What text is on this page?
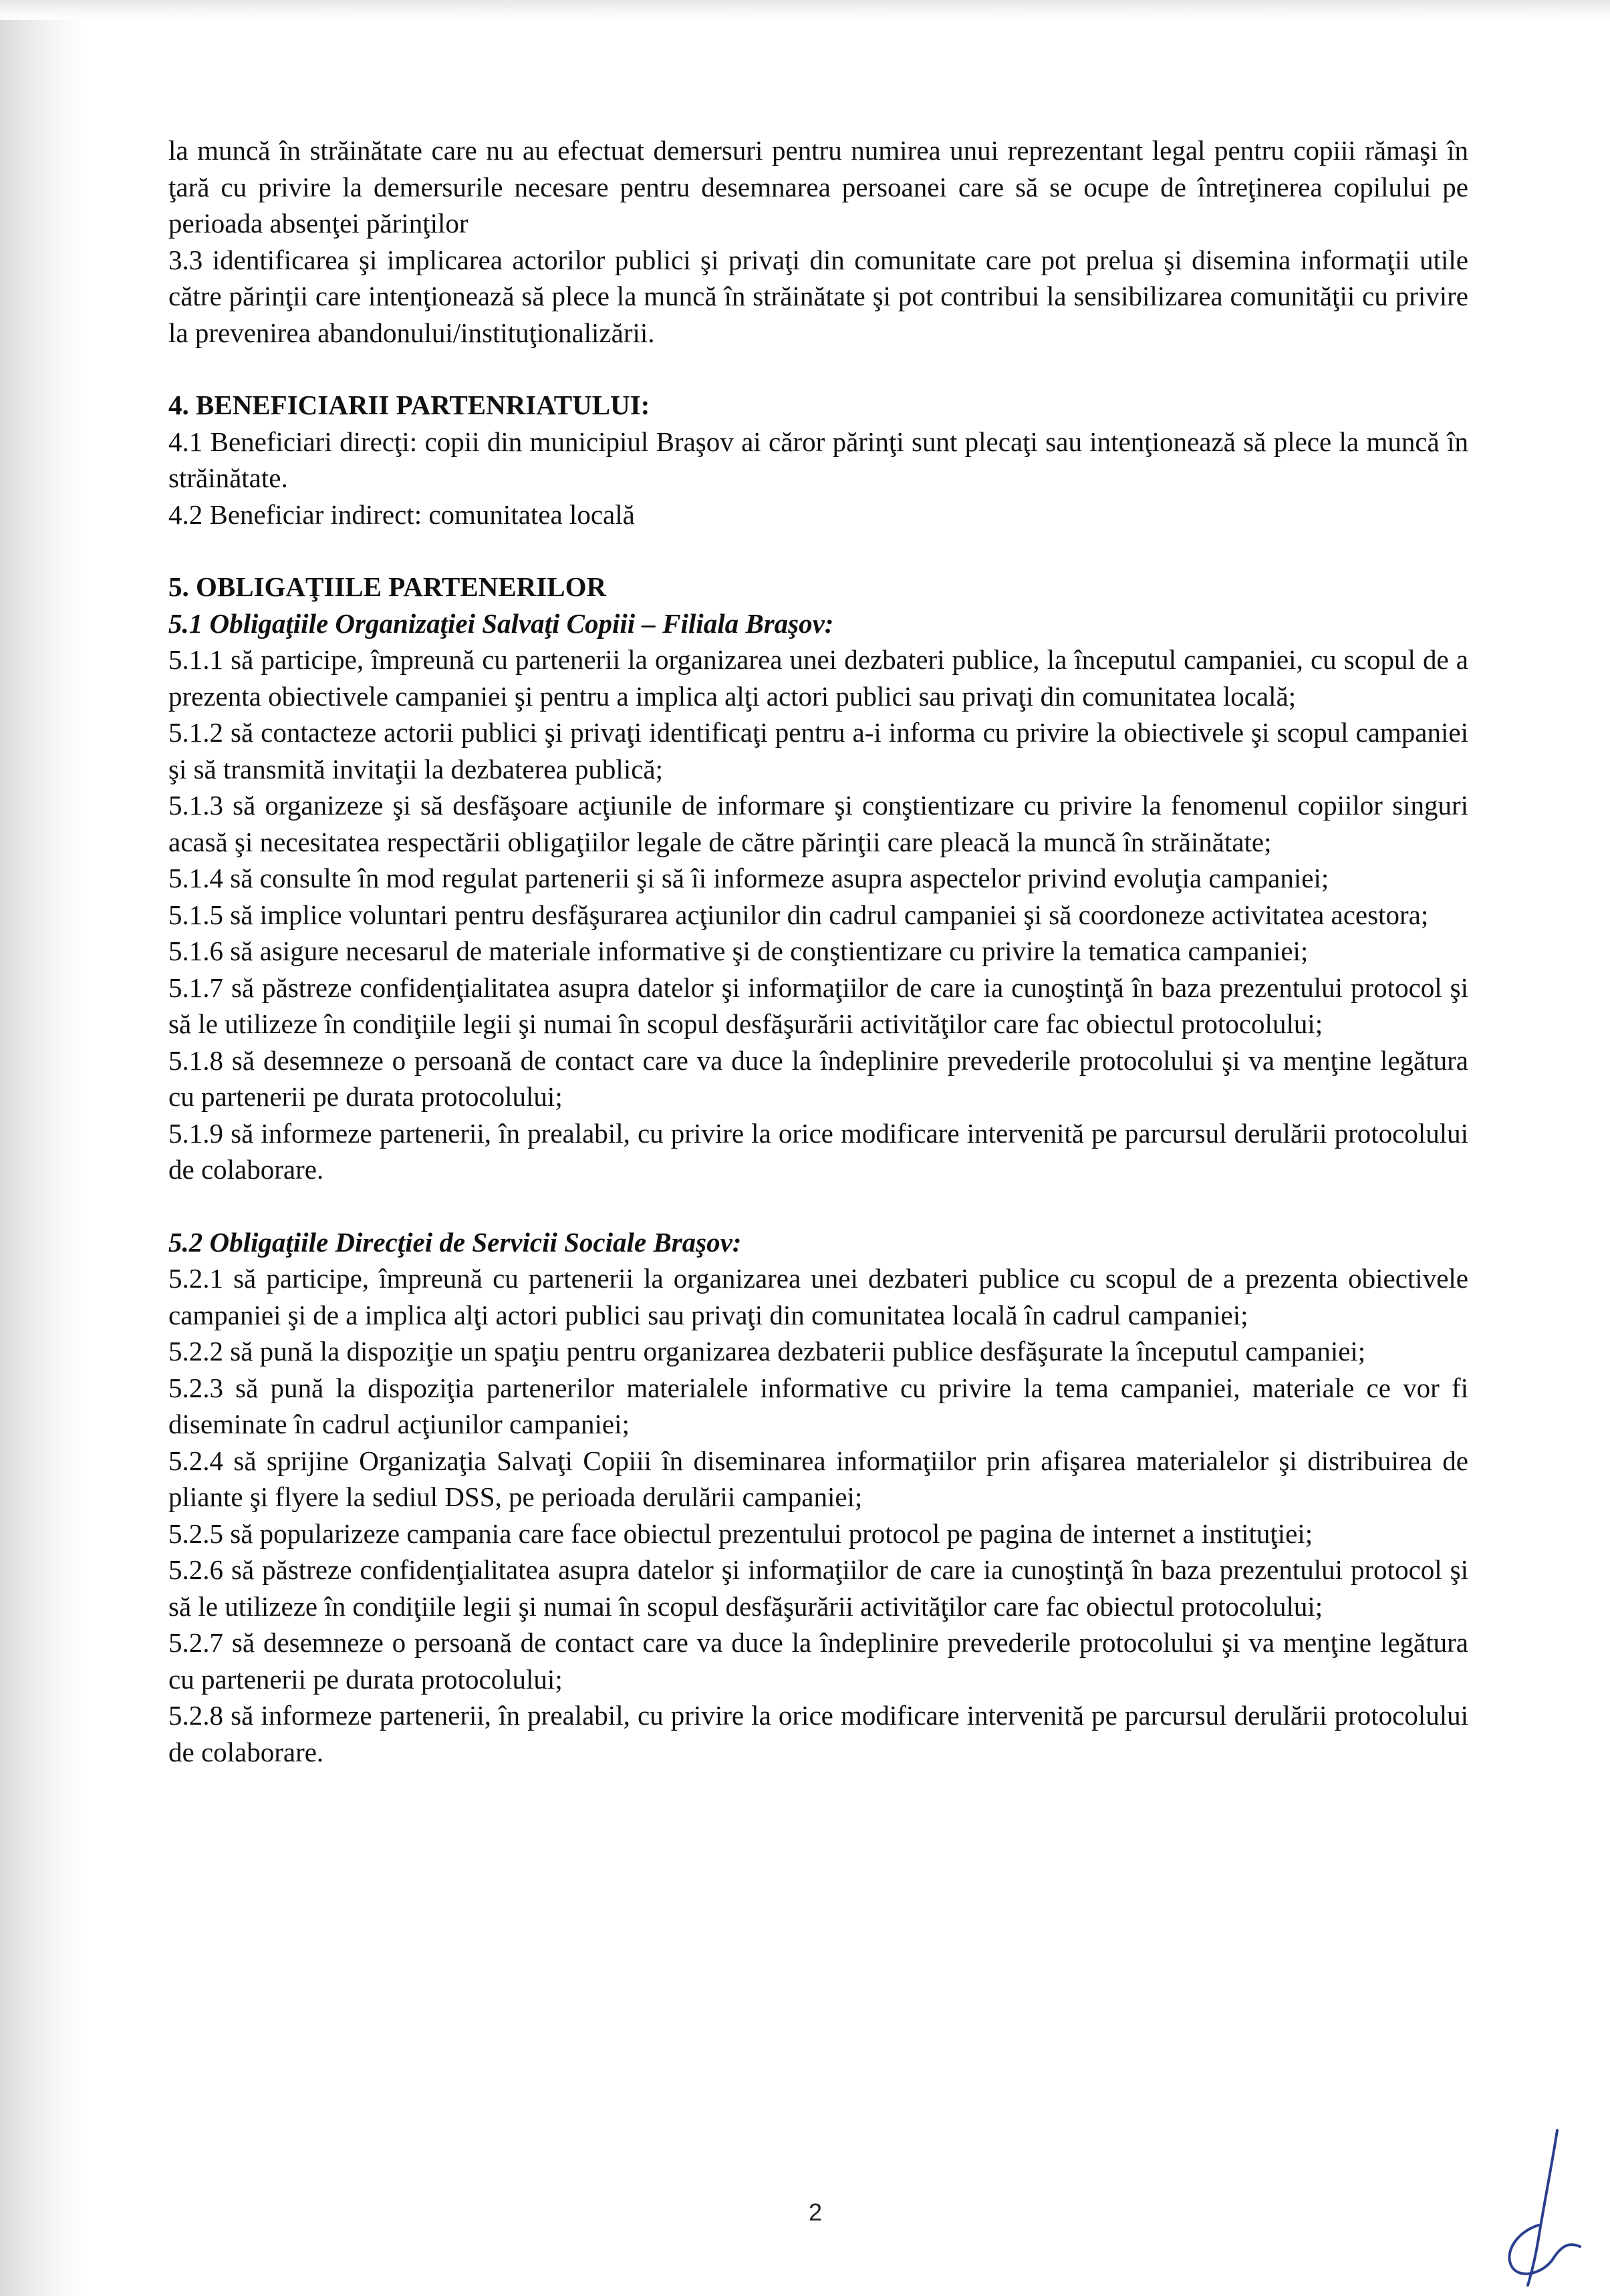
la muncă în străinătate care nu au efectuat demersuri pentru numirea unui reprezentant legal pentru copiii rămaşi în ţară cu privire la demersurile necesare pentru desemnarea persoanei care să se ocupe de întreţinerea copilului pe perioada absenţei părinţilor

3.3 identificarea şi implicarea actorilor publici şi privaţi din comunitate care pot prelua şi disemina informaţii utile către părinţii care intenţionează să plece la muncă în străinătate şi pot contribui la sensibilizarea comunităţii cu privire la prevenirea abandonului/instituţionalizării.

4. BENEFICIARII PARTENRIATULUI:

4.1 Beneficiari direcţi: copii din municipiul Braşov ai căror părinţi sunt plecaţi sau intenţionează să plece la muncă în străinătate.

4.2 Beneficiar indirect: comunitatea locală

5. OBLIGAŢIILE PARTENERILOR

5.1 Obligaţiile Organizaţiei Salvaţi Copiii – Filiala Braşov:

5.1.1 să participe, împreună cu partenerii la organizarea unei dezbateri publice, la începutul campaniei, cu scopul de a prezenta obiectivele campaniei şi pentru a implica alţi actori publici sau privaţi din comunitatea locală;

5.1.2 să contacteze actorii publici şi privaţi identificaţi pentru a-i informa cu privire la obiectivele şi scopul campaniei şi să transmită invitaţii la dezbaterea publică;

5.1.3 să organizeze şi să desfăşoare acţiunile de informare şi conştientizare cu privire la fenomenul copiilor singuri acasă şi necesitatea respectării obligaţiilor legale de către părinţii care pleacă la muncă în străinătate;

5.1.4 să consulte în mod regulat partenerii şi să îi informeze asupra aspectelor privind evoluţia campaniei;

5.1.5 să implice voluntari pentru desfăşurarea acţiunilor din cadrul campaniei şi să coordoneze activitatea acestora;

5.1.6 să asigure necesarul de materiale informative şi de conştientizare cu privire la tematica campaniei;

5.1.7 să păstreze confidenţialitatea asupra datelor şi informaţiilor de care ia cunoştinţă în baza prezentului protocol şi să le utilizeze în condiţiile legii şi numai în scopul desfăşurării activităţilor care fac obiectul protocolului;

5.1.8 să desemneze o persoană de contact care va duce la îndeplinire prevederile protocolului şi va menţine legătura cu partenerii pe durata protocolului;

5.1.9 să informeze partenerii, în prealabil, cu privire la orice modificare intervenită pe parcursul derulării protocolului de colaborare.

5.2 Obligaţiile Direcţiei de Servicii Sociale Braşov:

5.2.1 să participe, împreună cu partenerii la organizarea unei dezbateri publice cu scopul de a prezenta obiectivele campaniei şi de a implica alţi actori publici sau privaţi din comunitatea locală în cadrul campaniei;

5.2.2 să pună la dispoziţie un spaţiu pentru organizarea dezbaterii publice desfăşurate la începutul campaniei;

5.2.3 să pună la dispoziţia partenerilor materialele informative cu privire la tema campaniei, materiale ce vor fi diseminate în cadrul acţiunilor campaniei;

5.2.4 să sprijine Organizaţia Salvaţi Copiii în diseminarea informaţiilor prin afişarea materialelor şi distribuirea de pliante şi flyere la sediul DSS, pe perioada derulării campaniei;

5.2.5 să popularizeze campania care face obiectul prezentului protocol pe pagina de internet a instituţiei;

5.2.6 să păstreze confidenţialitatea asupra datelor şi informaţiilor de care ia cunoştinţă în baza prezentului protocol şi să le utilizeze în condiţiile legii şi numai în scopul desfăşurării activităţilor care fac obiectul protocolului;

5.2.7 să desemneze o persoană de contact care va duce la îndeplinire prevederile protocolului şi va menţine legătura cu partenerii pe durata protocolului;

5.2.8 să informeze partenerii, în prealabil, cu privire la orice modificare intervenită pe parcursul derulării protocolului de colaborare.

2
